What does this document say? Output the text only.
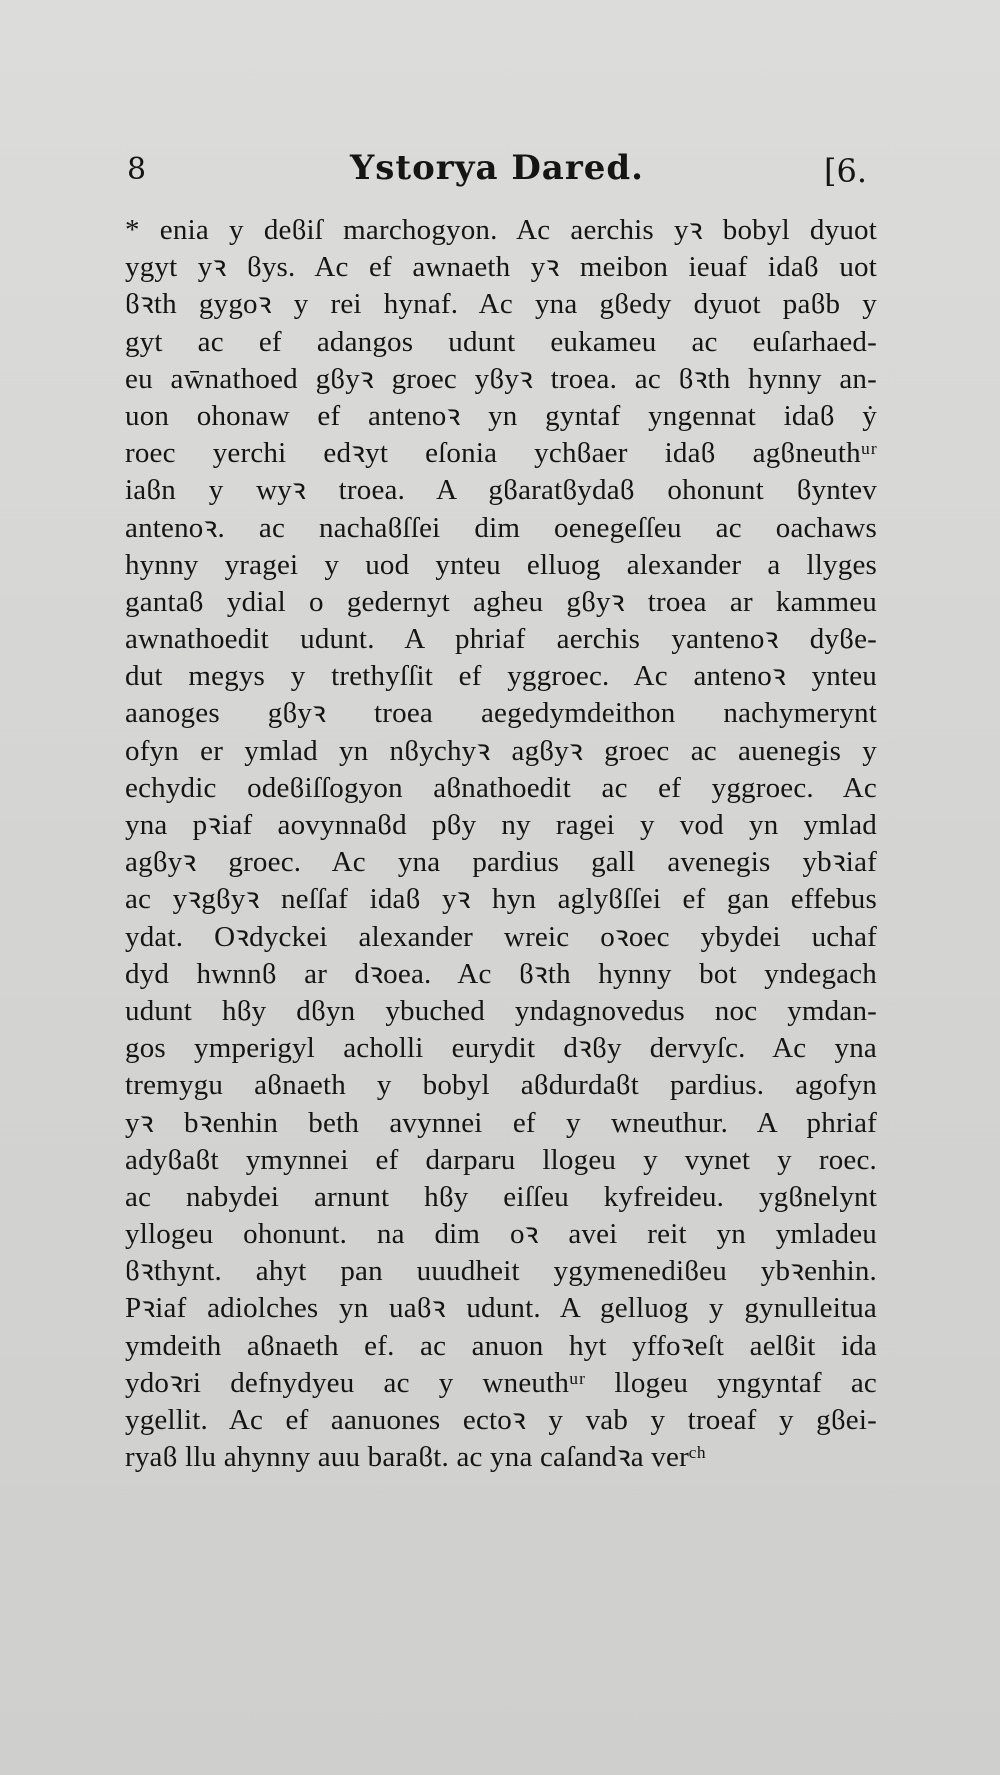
8	Ystorya Dared.	[6.
* enia y deϐiſ marchogyon. Ac aerchis yꝛ bobyl dyuot
ygyt yꝛ ϐys. Ac ef awnaeth yꝛ meibon ieuaf idaϐ uot
ϐꝛth gygoꝛ y rei hynaf. Ac yna gϐedy dyuot paϐb y
gyt ac ef adangos udunt eukameu ac euſarhaed-
eu aw̄nathoed gϐyꝛ groec yϐyꝛ troea. ac ϐꝛth hynny an-
uon ohonaw ef antenoꝛ yn gyntaf yngennat idaϐ ẏ
roec yerchi edꝛyt eſonia ychϐaer idaϐ agϐneuthᵘʳ
iaϐn y wyꝛ troea. A gϐaratϐydaϐ ohonunt ϐyntev
antenoꝛ. ac nachaϐſſei dim oenegeſſeu ac oachaws
hynny yragei y uod ynteu elluog alexander a llyges
gantaϐ ydial o gedernyt agheu gϐyꝛ troea ar kammeu
awnathoedit udunt. A phriaf aerchis yantenoꝛ dyϐe-
dut megys y trethyſſit ef yggroec. Ac antenoꝛ ynteu
aanoges gϐyꝛ troea aegedymdeithon nachymerynt
ofyn er ymlad yn nϐychyꝛ agϐyꝛ groec ac auenegis y
echydic odeϐiſſogyon aϐnathoedit ac ef yggroec. Ac
yna pꝛiaf aovynnaϐd pϐy ny ragei y vod yn ymlad
agϐyꝛ groec. Ac yna pardius gall avenegis ybꝛiaf
ac yꝛgϐyꝛ neſſaf idaϐ yꝛ hyn aglyϐſſei ef gan effebus
ydat. Oꝛdyckei alexander wreic oꝛoec ybydei uchaf
dyd hwnnϐ ar dꝛoea. Ac ϐꝛth hynny bot yndegach
udunt hϐy dϐyn ybuched yndagnovedus noc ymdan-
gos ymperigyl acholli eurydit dꝛϐy dervyſc. Ac yna
tremygu aϐnaeth y bobyl aϐdurdaϐt pardius. agofyn
yꝛ bꝛenhin beth avynnei ef y wneuthur. A phriaf
adyϐaϐt ymynnei ef darparu llogeu y vynet y roec.
ac nabydei arnunt hϐy eiſſeu kyfreideu. ygϐnelynt
yllogeu ohonunt. na dim oꝛ avei reit yn ymladeu
ϐꝛthynt. ahyt pan uuudheit ygymenediϐeu ybꝛenhin.
Pꝛiaf adiolches yn uaϐꝛ udunt. A gelluog y gynulleitua
ymdeith aϐnaeth ef. ac anuon hyt yffoꝛeſt aelϐit ida
ydoꝛri defnydyeu ac y wneuthᵘʳ llogeu yngyntaf ac
ygellit. Ac ef aanuones ectoꝛ y vab y troeaf y gϐei-
ryaϐ llu ahynny auu baraϐt. ac yna caſandꝛa verᶜʰ
